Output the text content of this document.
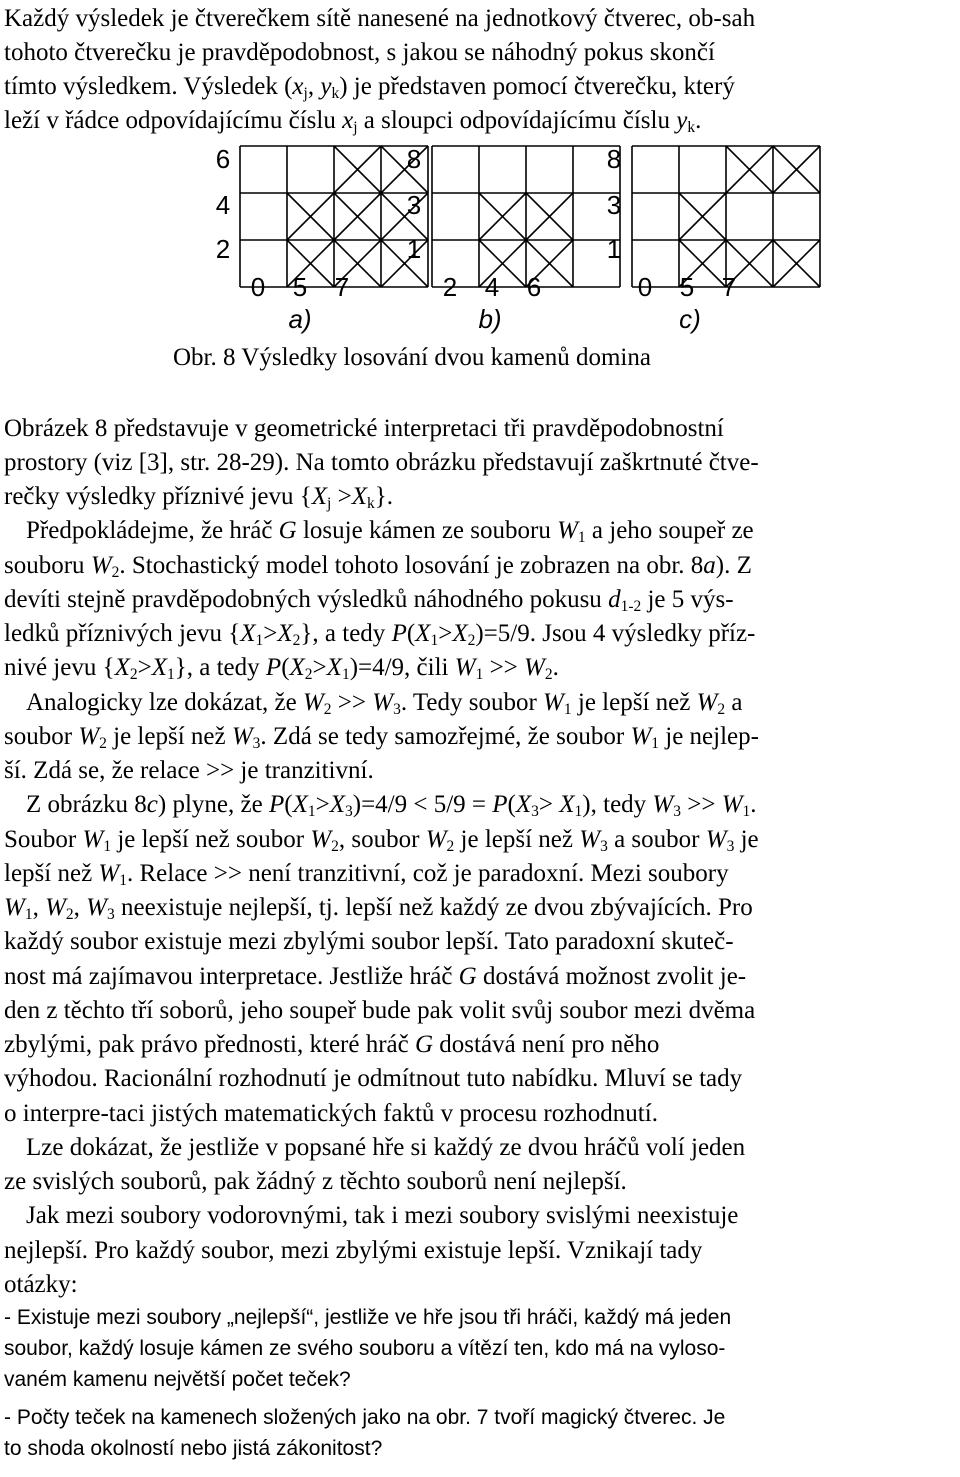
Každý výsledek je čtverečkem sítě nanesené na jednotkový čtverec, ob-sah
tohoto čtverečku je pravděpodobnost, s jakou se náhodný pokus skončí
tímto výsledkem. Výsledek ($x_j$, $y_k$) je představen pomocí čtverečku, který
leží v řádce odpovídajícímu číslu $x_j$ a sloupci odpovídajícímu číslu $y_k$.
6
4
2
0 5 7
a)
8
3
1
2 4 6
b)
8
3
1
0 5 7
c)
Obr. 8 Výsledky losování dvou kamenů domina
Obrázek 8 představuje v geometrické interpretaci tři pravděpodobnostní
prostory (viz [3], str. 28-29). Na tomto obrázku představují zaškrtnuté čtve-
rečky výsledky příznivé jevu $\{X_j >X_k\}$.
Předpokládejme, že hráč G losuje kámen ze souboru $W_1$ a jeho soupeř ze
souboru $W_2$. Stochastický model tohoto losování je zobrazen na obr. 8a). Z
devíti stejně pravděpodobných výsledků náhodného pokusu $d_{1-2}$ je 5 výs-
ledků příznivých jevu $\{X_1>X_2\}$, a tedy $P(X_1>X_2)=5/9$. Jsou 4 výsledky příz-
nivé jevu $\{X_2>X_1\}$, a tedy $P(X_2>X_1)=4/9$, čili $W_1 >> W_2$.
Analogicky lze dokázat, že $W_2 >> W_3$. Tedy soubor $W_1$ je lepší než $W_2$ a
soubor $W_2$ je lepší než $W_3$. Zdá se tedy samozřejmé, že soubor $W_1$ je nejlep-
ší. Zdá se, že relace >> je tranzitivní.
Z obrázku 8c) plyne, že $P(X_1>X_3)=4/9 < 5/9 = P(X_3> X_1)$, tedy $W_3 >> W_1$.
Soubor $W_1$ je lepší než soubor $W_2$, soubor $W_2$ je lepší než $W_3$ a soubor $W_3$ je
lepší než $W_1$. Relace >> není tranzitivní, což je paradoxní. Mezi soubory
$W_1$, $W_2$, $W_3$ neexistuje nejlepší, tj. lepší než každý ze dvou zbývajících. Pro
každý soubor existuje mezi zbylými soubor lepší. Tato paradoxní skuteč-
nost má zajímavou interpretace. Jestliže hráč G dostává možnost zvolit je-
den z těchto tří soborů, jeho soupeř bude pak volit svůj soubor mezi dvěma
zbylými, pak právo přednosti, které hráč G dostává není pro něho
výhodou. Racionální rozhodnutí je odmítnout tuto nabídku. Mluví se tady
o interpre-taci jistých matematických faktů v procesu rozhodnutí.
Lze dokázat, že jestliže v popsané hře si každý ze dvou hráčů volí jeden
ze svislých souborů, pak žádný z těchto souborů není nejlepší.
Jak mezi soubory vodorovnými, tak i mezi soubory svislými neexistuje
nejlepší. Pro každý soubor, mezi zbylými existuje lepší. Vznikají tady
otázky:
- Existuje mezi soubory „nejlepší“, jestliže ve hře jsou tři hráči, každý má jeden
soubor, každý losuje kámen ze svého souboru a vítězí ten, kdo má na vyloso-
vaném kamenu největší počet teček?
- Počty teček na kamenech složených jako na obr. 7 tvoří magický čtverec. Je
to shoda okolností nebo jistá zákonitost?
